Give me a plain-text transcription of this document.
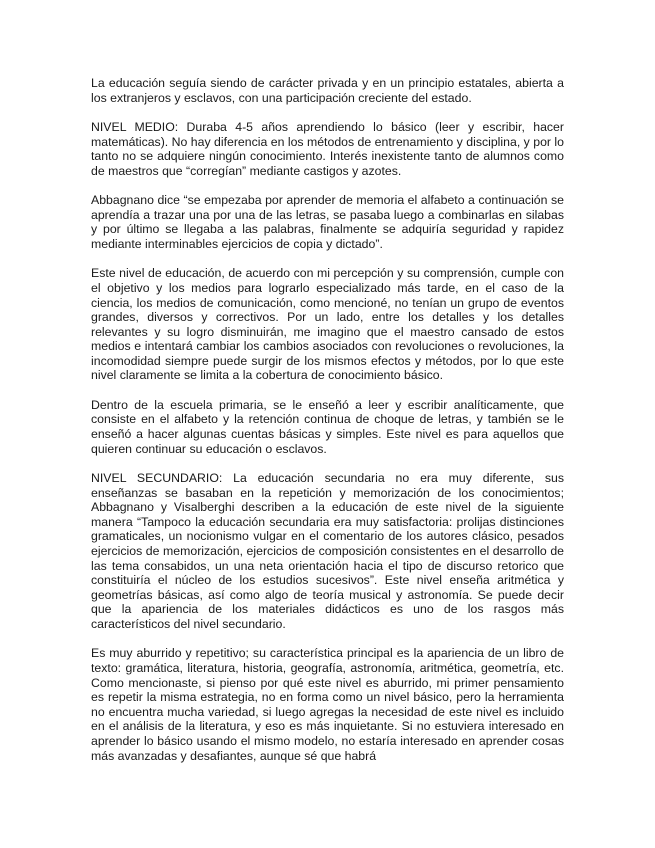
La educación seguía siendo de carácter privada y en un principio estatales, abierta a los extranjeros y esclavos, con una participación creciente del estado.

NIVEL MEDIO: Duraba 4-5 años aprendiendo lo básico (leer y escribir, hacer matemáticas). No hay diferencia en los métodos de entrenamiento y disciplina, y por lo tanto no se adquiere ningún conocimiento. Interés inexistente tanto de alumnos como de maestros que “corregían” mediante castigos y azotes.

Abbagnano dice “se empezaba por aprender de memoria el alfabeto a continuación se aprendía a trazar una por una de las letras, se pasaba luego a combinarlas en silabas y por último se llegaba a las palabras, finalmente se adquiría seguridad y rapidez mediante interminables ejercicios de copia y dictado”.

Este nivel de educación, de acuerdo con mi percepción y su comprensión, cumple con el objetivo y los medios para lograrlo especializado más tarde, en el caso de la ciencia, los medios de comunicación, como mencioné, no tenían un grupo de eventos grandes, diversos y correctivos. Por un lado, entre los detalles y los detalles relevantes y su logro disminuirán, me imagino que el maestro cansado de estos medios e intentará cambiar los cambios asociados con revoluciones o revoluciones, la incomodidad siempre puede surgir de los mismos efectos y métodos, por lo que este nivel claramente se limita a la cobertura de conocimiento básico.

Dentro de la escuela primaria, se le enseñó a leer y escribir analíticamente, que consiste en el alfabeto y la retención continua de choque de letras, y también se le enseñó a hacer algunas cuentas básicas y simples. Este nivel es para aquellos que quieren continuar su educación o esclavos.

NIVEL SECUNDARIO: La educación secundaria no era muy diferente, sus enseñanzas se basaban en la repetición y memorización de los conocimientos; Abbagnano y Visalberghi describen a la educación de este nivel de la siguiente manera “Tampoco la educación secundaria era muy satisfactoria: prolijas distinciones gramaticales, un nocionismo vulgar en el comentario de los autores clásico, pesados ejercicios de memorización, ejercicios de composición consistentes en el desarrollo de las tema consabidos, un una neta orientación hacia el tipo de discurso retorico que constituiría el núcleo de los estudios sucesivos”. Este nivel enseña aritmética y geometrías básicas, así como algo de teoría musical y astronomía. Se puede decir que la apariencia de los materiales didácticos es uno de los rasgos más característicos del nivel secundario.

Es muy aburrido y repetitivo; su característica principal es la apariencia de un libro de texto: gramática, literatura, historia, geografía, astronomía, aritmética, geometría, etc. Como mencionaste, si pienso por qué este nivel es aburrido, mi primer pensamiento es repetir la misma estrategia, no en forma como un nivel básico, pero la herramienta no encuentra mucha variedad, si luego agregas la necesidad de este nivel es incluido en el análisis de la literatura, y eso es más inquietante. Si no estuviera interesado en aprender lo básico usando el mismo modelo, no estaría interesado en aprender cosas más avanzadas y desafiantes, aunque sé que habrá
